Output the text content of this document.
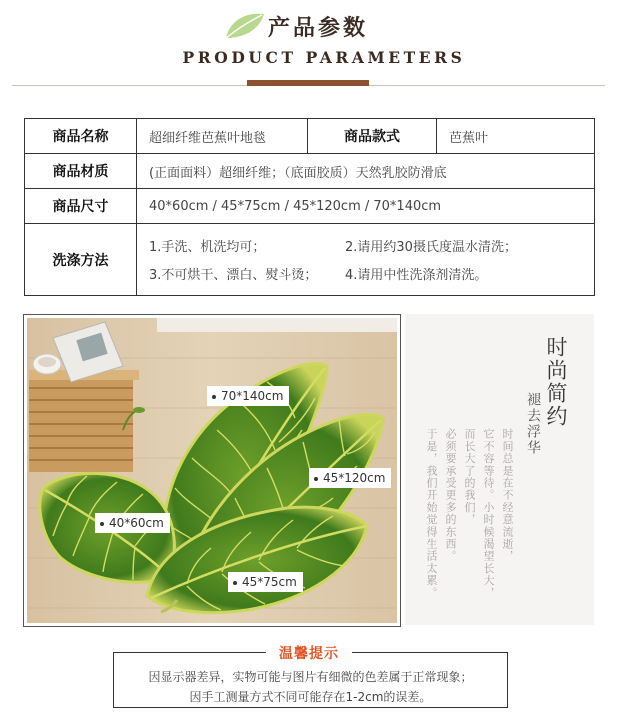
产品参数
PRODUCT PARAMETERS
商品名称	超细纤维芭蕉叶地毯	商品款式	芭蕉叶
商品材质	(正面面料）超细纤维；（底面胶质）天然乳胶防滑底		
商品尺寸	40*60cm / 45*75cm / 45*120cm / 70*140cm		
洗涤方法	1.手洗、机洗均可； 2.请用约30摄氏度温水清洗；
3.不可烘干、漂白、熨斗烫； 4.请用中性洗涤剂清洗。		
70*140cm
45*120cm
40*60cm
45*75cm
时尚简约
褪去浮华
时间总是在不经意流逝，
它不容等待。小时候渴望长大，
而长大了的我们，
必须要承受更多的东西。
于是，我们开始觉得生活太累。
温馨提示
因显示器差异，实物可能与图片有细微的色差属于正常现象；
因手工测量方式不同可能存在1-2cm的误差。
